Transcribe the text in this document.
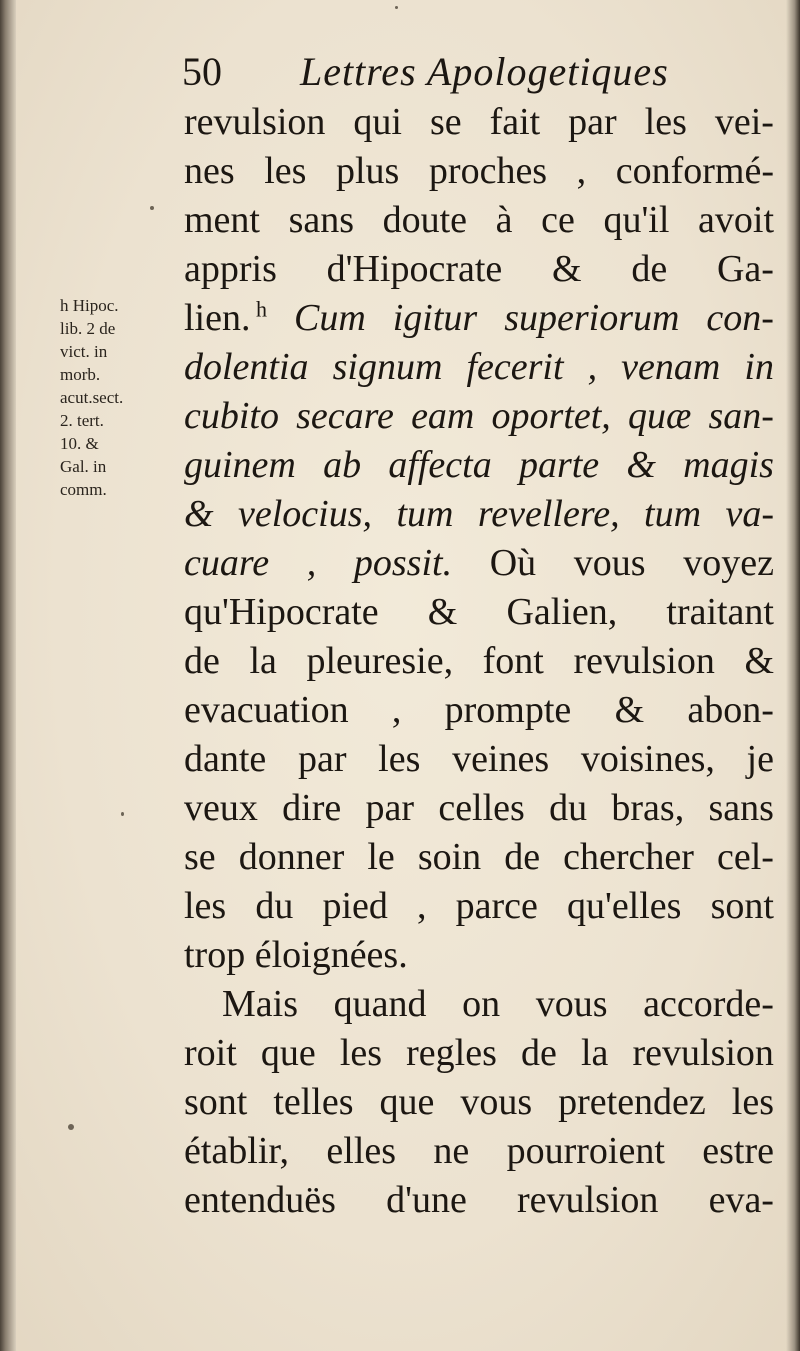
50 Lettres Apologetiques
h Hipoc.
lib. 2 de
vict. in
morb.
acut.sect.
2. tert.
10. &
Gal. in
comm.
revulsion qui se fait par les vei-
nes les plus proches , conformé-
ment sans doute à ce qu'il avoit
appris d'Hipocrate & de Ga-
lien. $^h$ Cum igitur superiorum con-
dolentia signum fecerit , venam in
cubito secare eam oportet, quæ san-
guinem ab affecta parte & magis
& velocius, tum revellere, tum va-
cuare , possit. Où vous voyez
qu'Hipocrate & Galien, traitant
de la pleuresie, font revulsion &
evacuation , prompte & abon-
dante par les veines voisines, je
veux dire par celles du bras, sans
se donner le soin de chercher cel-
les du pied , parce qu'elles sont
trop éloignées.
Mais quand on vous accorde-
roit que les regles de la revulsion
sont telles que vous pretendez les
établir, elles ne pourroient estre
entenduës d'une revulsion eva-
